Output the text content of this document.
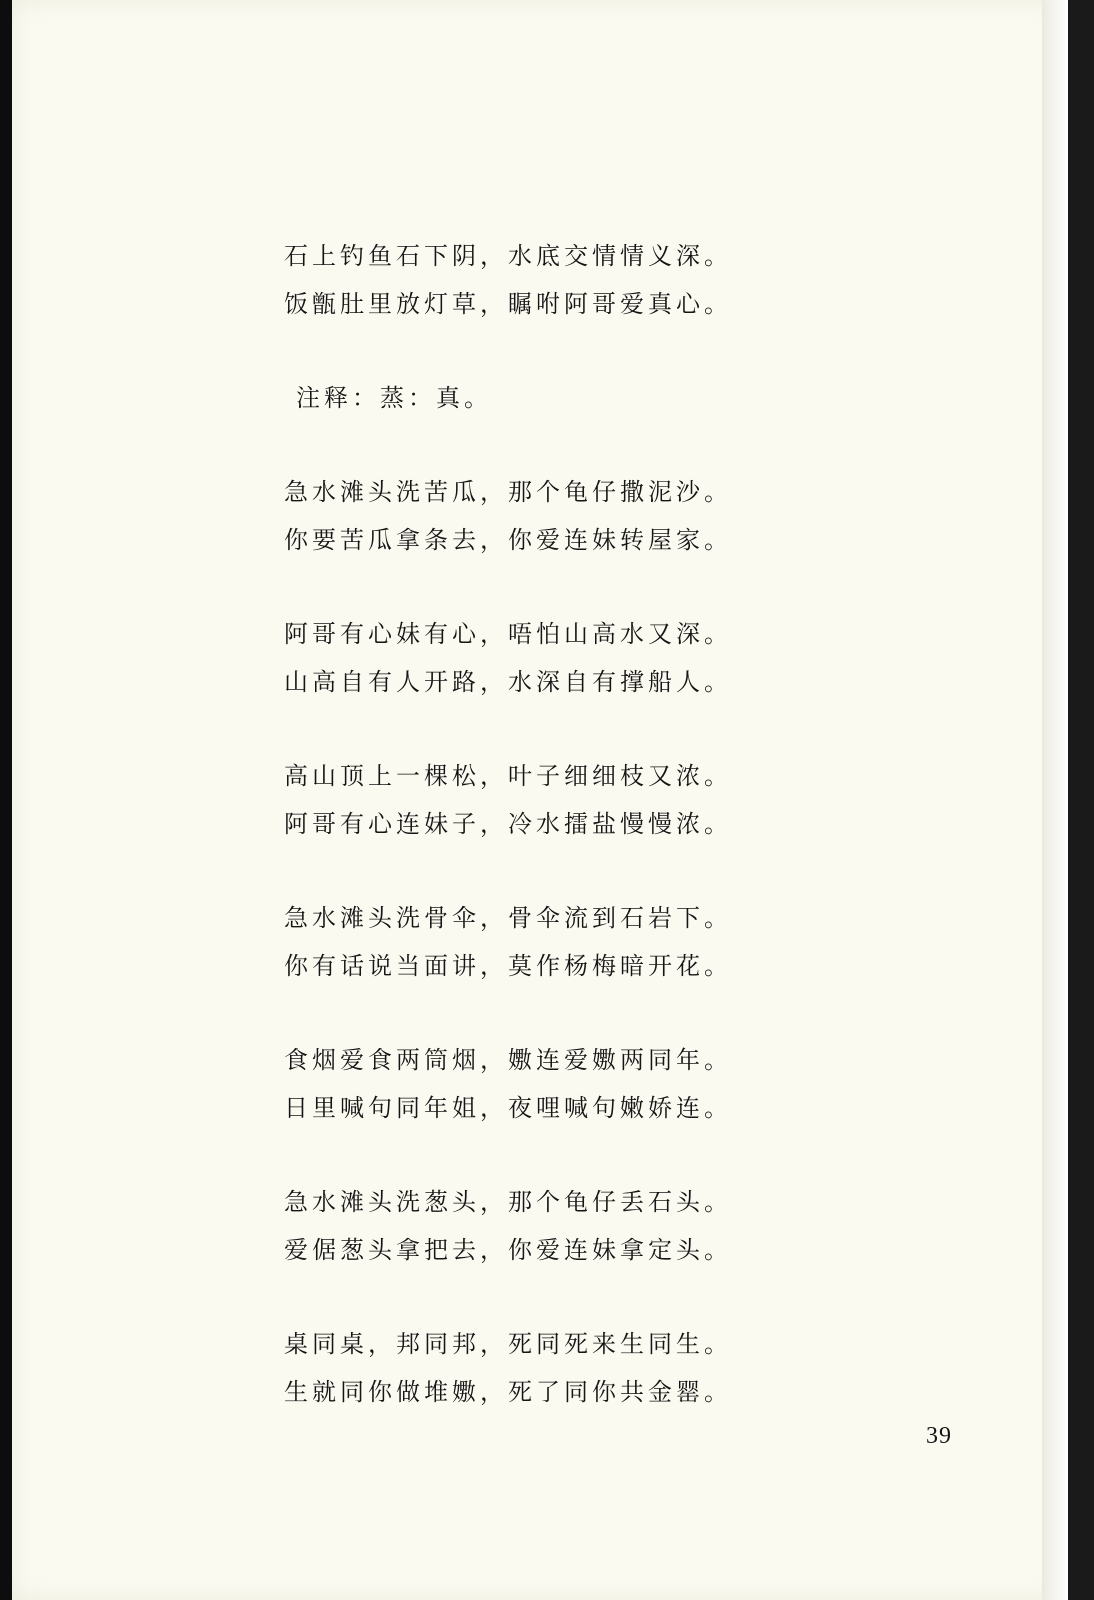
石上钓鱼石下阴，水底交情情义深。
饭甑肚里放灯草，瞩咐阿哥爱真心。
注释：蒸：真。
急水滩头洗苦瓜，那个龟仔撒泥沙。
你要苦瓜拿条去，你爱连妹转屋家。
阿哥有心妹有心，唔怕山高水又深。
山高自有人开路，水深自有撑船人。
高山顶上一棵松，叶子细细枝又浓。
阿哥有心连妹子，冷水擂盐慢慢浓。
急水滩头洗骨伞，骨伞流到石岩下。
你有话说当面讲，莫作杨梅暗开花。
食烟爱食两筒烟，嫐连爱嫐两同年。
日里喊句同年姐，夜哩喊句嫩娇连。
急水滩头洗葱头，那个龟仔丢石头。
爱倨葱头拿把去，你爱连妹拿定头。
桌同桌，邦同邦，死同死来生同生。
生就同你做堆嫐，死了同你共金罂。
39
